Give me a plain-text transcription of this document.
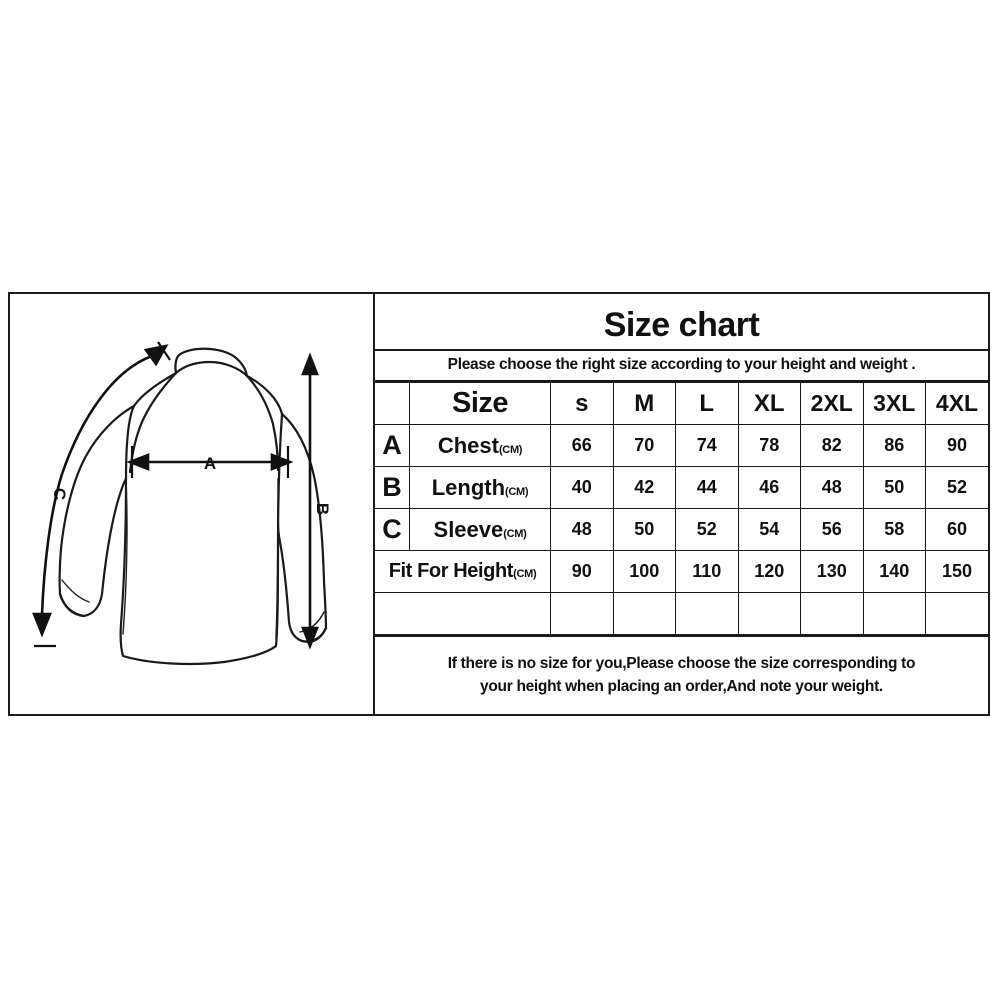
A
B
C
Size chart
Please choose the right size according to your height and weight .
	Size	s	M	L	XL	2XL	3XL	4XL
A	Chest(CM)	66	70	74	78	82	86	90
B	Length(CM)	40	42	44	46	48	50	52
C	Sleeve(CM)	48	50	52	54	56	58	60
Fit For Height(CM)		90	100	110	120	130	140	150

If there is no size for you,Please choose the size corresponding to
your height when placing an order,And note your weight.
